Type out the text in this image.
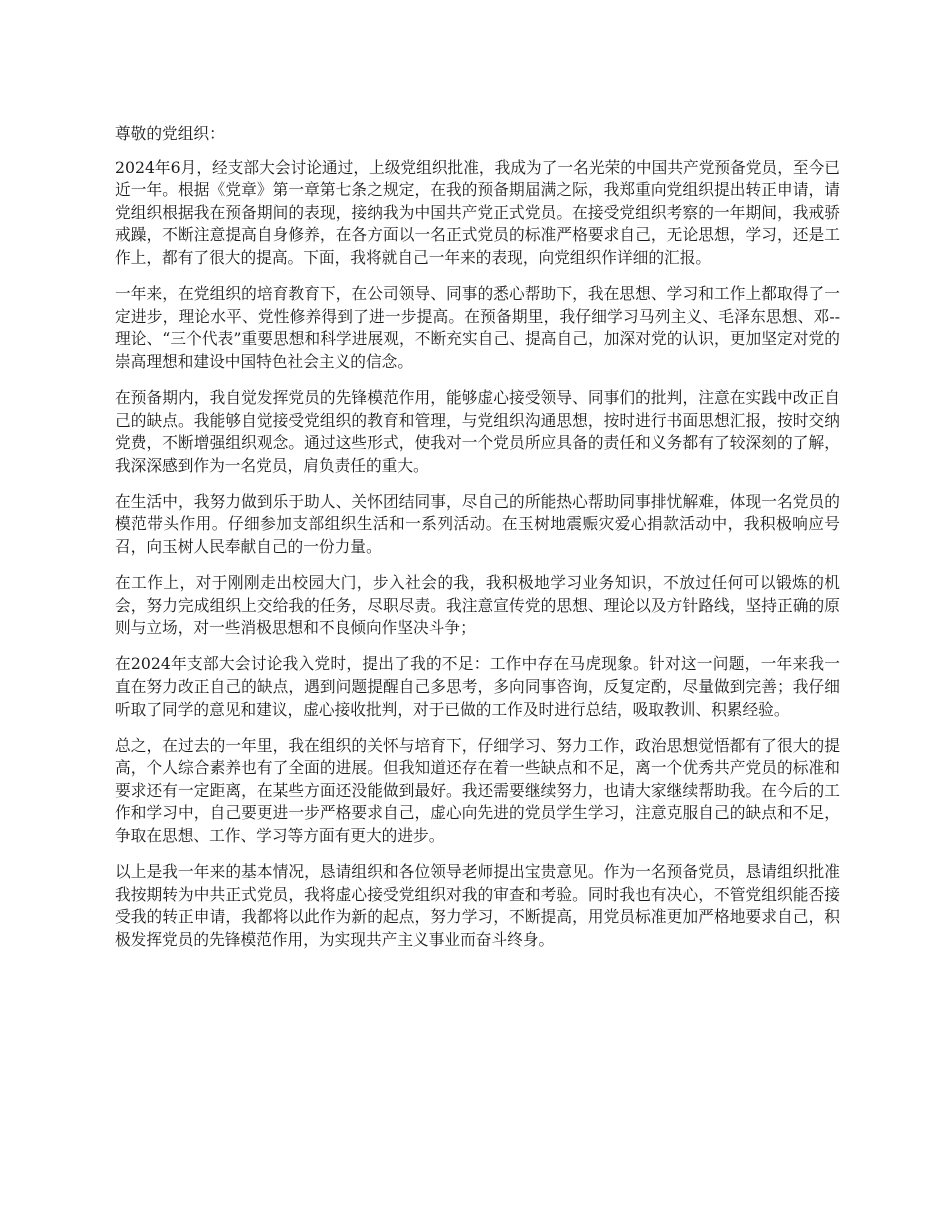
尊敬的党组织：

2024年6月，经支部大会讨论通过，上级党组织批准，我成为了一名光荣的中国共产党预备党员，至今已近一年。根据《党章》第一章第七条之规定，在我的预备期届满之际，我郑重向党组织提出转正申请，请党组织根据我在预备期间的表现，接纳我为中国共产党正式党员。在接受党组织考察的一年期间，我戒骄戒躁，不断注意提高自身修养，在各方面以一名正式党员的标准严格要求自己，无论思想，学习，还是工作上，都有了很大的提高。下面，我将就自己一年来的表现，向党组织作详细的汇报。

一年来，在党组织的培育教育下，在公司领导、同事的悉心帮助下，我在思想、学习和工作上都取得了一定进步，理论水平、党性修养得到了进一步提高。在预备期里，我仔细学习马列主义、毛泽东思想、邓--理论、“三个代表”重要思想和科学进展观，不断充实自己、提高自己，加深对党的认识，更加坚定对党的崇高理想和建设中国特色社会主义的信念。

在预备期内，我自觉发挥党员的先锋模范作用，能够虚心接受领导、同事们的批判，注意在实践中改正自己的缺点。我能够自觉接受党组织的教育和管理，与党组织沟通思想，按时进行书面思想汇报，按时交纳党费，不断增强组织观念。通过这些形式，使我对一个党员所应具备的责任和义务都有了较深刻的了解，我深深感到作为一名党员，肩负责任的重大。

在生活中，我努力做到乐于助人、关怀团结同事，尽自己的所能热心帮助同事排忧解难，体现一名党员的模范带头作用。仔细参加支部组织生活和一系列活动。在玉树地震赈灾爱心捐款活动中，我积极响应号召，向玉树人民奉献自己的一份力量。

在工作上，对于刚刚走出校园大门，步入社会的我，我积极地学习业务知识，不放过任何可以锻炼的机会，努力完成组织上交给我的任务，尽职尽责。我注意宣传党的思想、理论以及方针路线，坚持正确的原则与立场，对一些消极思想和不良倾向作坚决斗争；

在2024年支部大会讨论我入党时，提出了我的不足：工作中存在马虎现象。针对这一问题，一年来我一直在努力改正自己的缺点，遇到问题提醒自己多思考，多向同事咨询，反复定酌，尽量做到完善；我仔细听取了同学的意见和建议，虚心接收批判，对于已做的工作及时进行总结，吸取教训、积累经验。

总之，在过去的一年里，我在组织的关怀与培育下，仔细学习、努力工作，政治思想觉悟都有了很大的提高，个人综合素养也有了全面的进展。但我知道还存在着一些缺点和不足，离一个优秀共产党员的标准和要求还有一定距离，在某些方面还没能做到最好。我还需要继续努力，也请大家继续帮助我。在今后的工作和学习中，自己要更进一步严格要求自己，虚心向先进的党员学生学习，注意克服自己的缺点和不足，争取在思想、工作、学习等方面有更大的进步。

以上是我一年来的基本情况，恳请组织和各位领导老师提出宝贵意见。作为一名预备党员，恳请组织批准我按期转为中共正式党员，我将虚心接受党组织对我的审查和考验。同时我也有决心，不管党组织能否接受我的转正申请，我都将以此作为新的起点，努力学习，不断提高，用党员标准更加严格地要求自己，积极发挥党员的先锋模范作用，为实现共产主义事业而奋斗终身。
